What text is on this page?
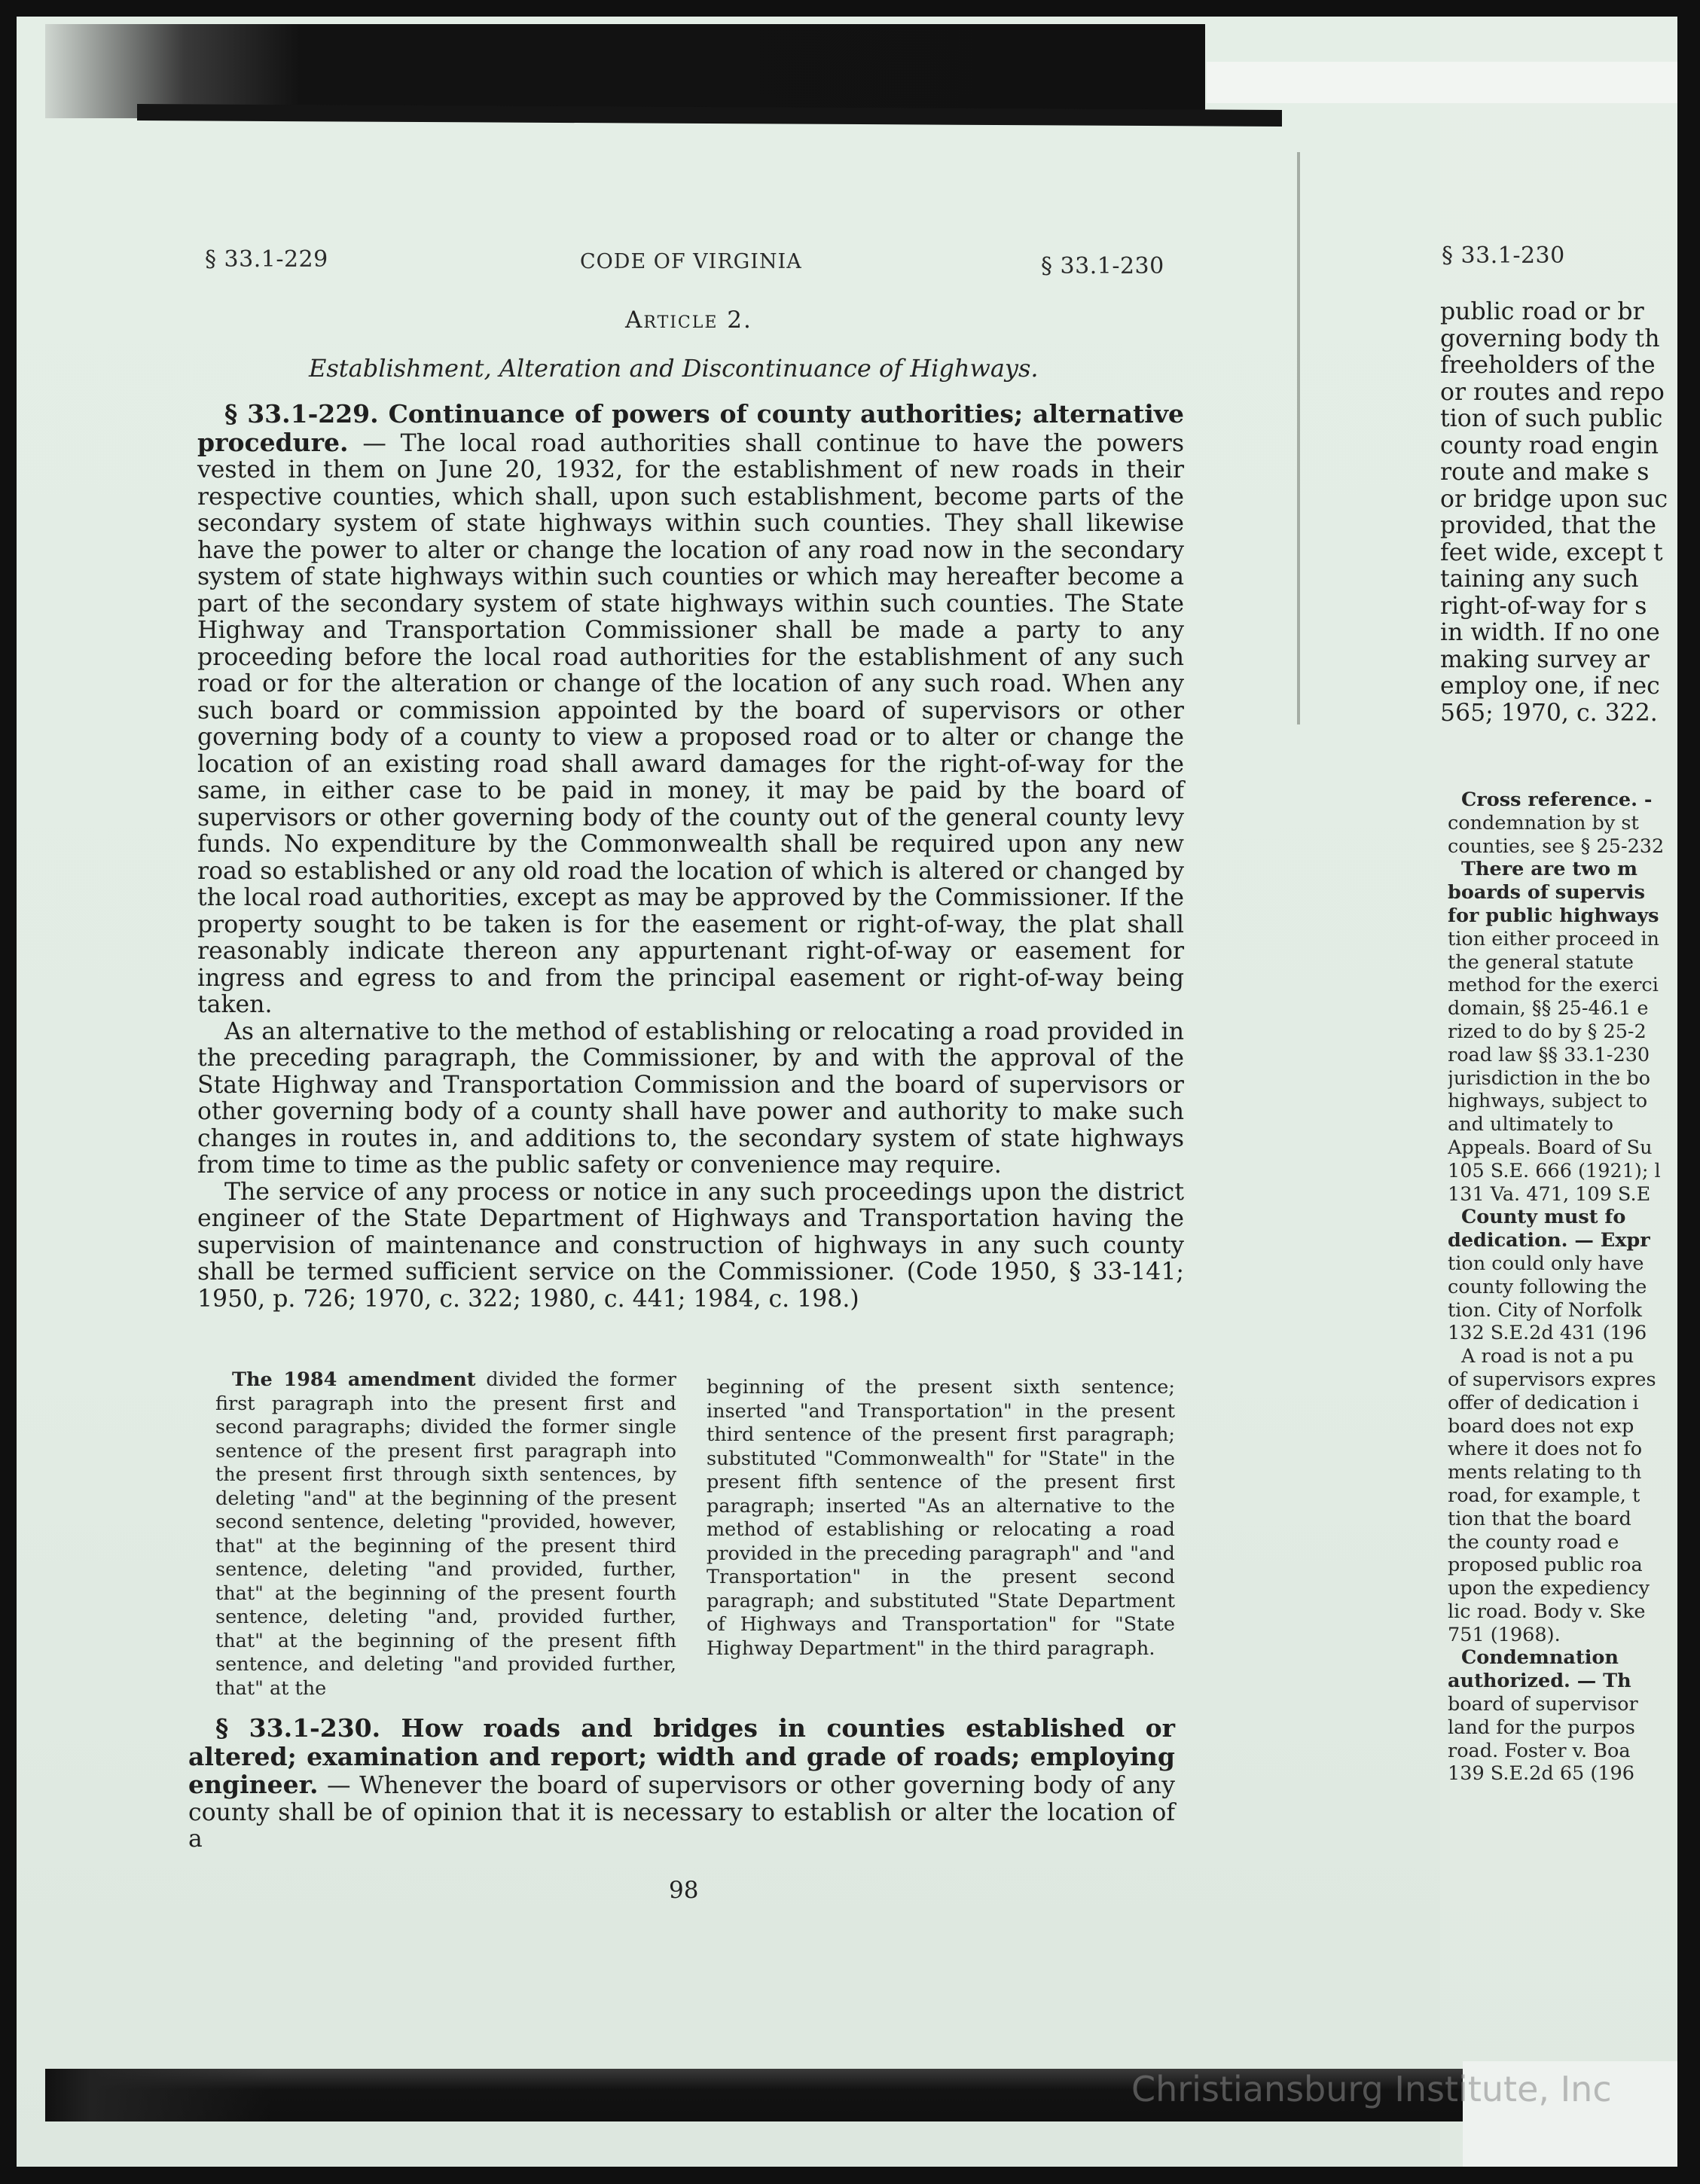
§ 33.1-229	CODE OF VIRGINIA	§ 33.1-230	§ 33.1-230
Article 2.
Establishment, Alteration and Discontinuance of Highways.

§ 33.1-229. Continuance of powers of county authorities; alternative procedure. — The local road authorities shall continue to have the powers vested in them on June 20, 1932, for the establishment of new roads in their respective counties, which shall, upon such establishment, become parts of the secondary system of state highways within such counties. They shall likewise have the power to alter or change the location of any road now in the secondary system of state highways within such counties or which may hereafter become a part of the secondary system of state highways within such counties. The State Highway and Transportation Commissioner shall be made a party to any proceeding before the local road authorities for the establishment of any such road or for the alteration or change of the location of any such road. When any such board or commission appointed by the board of supervisors or other governing body of a county to view a proposed road or to alter or change the location of an existing road shall award damages for the right-of-way for the same, in either case to be paid in money, it may be paid by the board of supervisors or other governing body of the county out of the general county levy funds. No expenditure by the Commonwealth shall be required upon any new road so established or any old road the location of which is altered or changed by the local road authorities, except as may be approved by the Commissioner. If the property sought to be taken is for the easement or right-of-way, the plat shall reasonably indicate thereon any appurtenant right-of-way or easement for ingress and egress to and from the principal easement or right-of-way being taken.

As an alternative to the method of establishing or relocating a road provided in the preceding paragraph, the Commissioner, by and with the approval of the State Highway and Transportation Commission and the board of supervisors or other governing body of a county shall have power and authority to make such changes in routes in, and additions to, the secondary system of state highways from time to time as the public safety or convenience may require.

The service of any process or notice in any such proceedings upon the district engineer of the State Department of Highways and Transportation having the supervision of maintenance and construction of highways in any such county shall be termed sufficient service on the Commissioner. (Code 1950, § 33-141; 1950, p. 726; 1970, c. 322; 1980, c. 441; 1984, c. 198.)

The 1984 amendment divided the former first paragraph into the present first and second paragraphs; divided the former single sentence of the present first paragraph into the present first through sixth sentences, by deleting "and" at the beginning of the present second sentence, deleting "provided, however, that" at the beginning of the present third sentence, deleting "and provided, further, that" at the beginning of the present fourth sentence, deleting "and, provided further, that" at the beginning of the present fifth sentence, and deleting "and provided further, that" at the

beginning of the present sixth sentence; inserted "and Transportation" in the present third sentence of the present first paragraph; substituted "Commonwealth" for "State" in the present fifth sentence of the present first paragraph; inserted "As an alternative to the method of establishing or relocating a road provided in the preceding paragraph" and "and Transportation" in the present second paragraph; and substituted "State Department of Highways and Transportation" for "State Highway Department" in the third paragraph.

§ 33.1-230. How roads and bridges in counties established or altered; examination and report; width and grade of roads; employing engineer. — Whenever the board of supervisors or other governing body of any county shall be of opinion that it is necessary to establish or alter the location of a

98
public road or br
governing body th
freeholders of the
or routes and repo
tion of such public
county road engin
route and make s
or bridge upon suc
provided, that the
feet wide, except t
taining any such
right-of-way for s
in width. If no one
making survey ar
employ one, if nec
565; 1970, c. 322.
Cross reference. -
condemnation by st
counties, see § 25-232
There are two m
boards of supervis
for public highways
tion either proceed in
the general statute
method for the exerci
domain, §§ 25-46.1 e
rized to do by § 25-2
road law §§ 33.1-230
jurisdiction in the bo
highways, subject to
and ultimately to
Appeals. Board of Su
105 S.E. 666 (1921); l
131 Va. 471, 109 S.E
County must fo
dedication. — Expr
tion could only have
county following the
tion. City of Norfolk
132 S.E.2d 431 (196
A road is not a pu
of supervisors expres
offer of dedication i
board does not exp
where it does not fo
ments relating to th
road, for example, t
tion that the board
the county road e
proposed public roa
upon the expediency
lic road. Body v. Ske
751 (1968).
Condemnation
authorized. — Th
board of supervisor
land for the purpos
road. Foster v. Boa
139 S.E.2d 65 (196
Christiansburg Institute, Inc
